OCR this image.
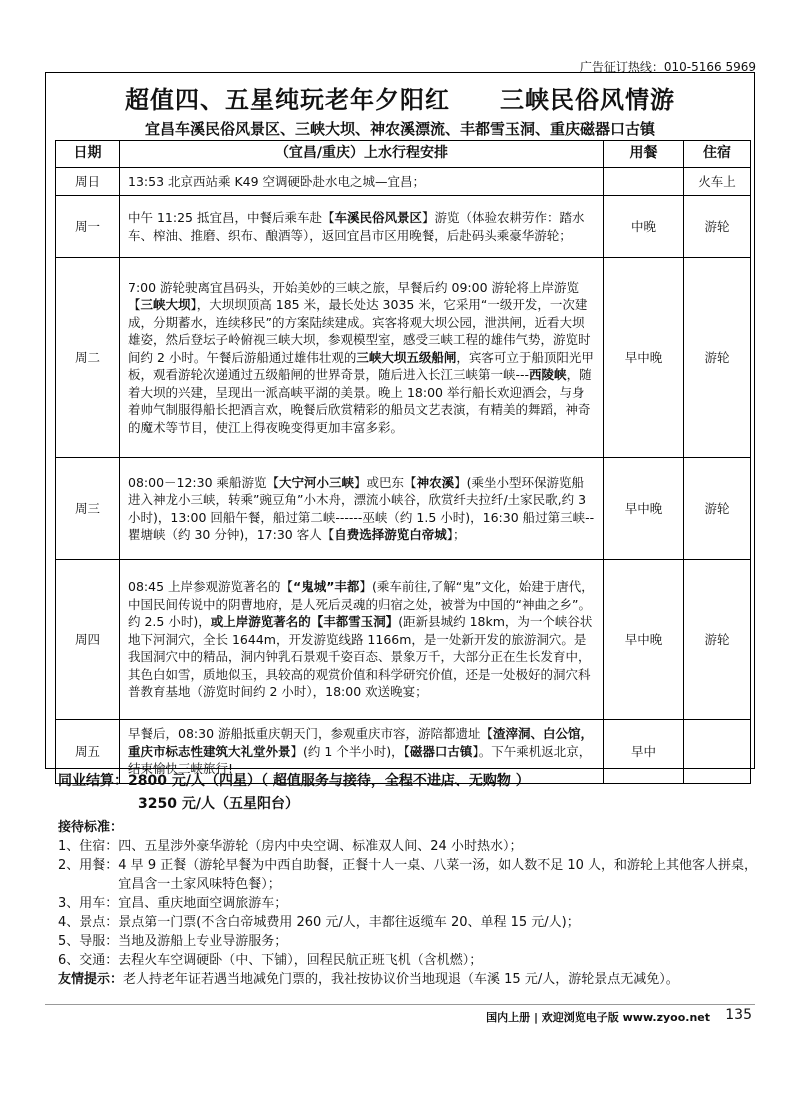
广告征订热线：010-5166 5969
超值四、五星纯玩老年夕阳红　　三峡民俗风情游
宜昌车溪民俗风景区、三峡大坝、神农溪漂流、丰都雪玉洞、重庆磁器口古镇
日期	（宜昌/重庆）上水行程安排	用餐	住宿
周日	13:53 北京西站乘 K49 空调硬卧赴水电之城—宜昌；		火车上
周一	中午 11:25 抵宜昌，中餐后乘车赴【车溪民俗风景区】游览（体验农耕劳作：踏水车、榨油、推磨、织布、酿酒等），返回宜昌市区用晚餐，后赴码头乘豪华游轮；	中晚	游轮
周二	7:00 游轮驶离宜昌码头，开始美妙的三峡之旅，早餐后约 09:00 游轮将上岸游览【三峡大坝】，大坝坝顶高 185 米，最长处达 3035 米，它采用“一级开发，一次建成，分期蓄水，连续移民”的方案陆续建成。宾客将观大坝公园，泄洪闸，近看大坝雄姿，然后登坛子岭俯视三峡大坝，参观模型室，感受三峡工程的雄伟气势，游览时间约 2 小时。午餐后游船通过雄伟壮观的三峡大坝五级船闸，宾客可立于船顶阳光甲板，观看游轮次递通过五级船闸的世界奇景，随后进入长江三峡第一峡---西陵峡，随着大坝的兴建，呈现出一派高峡平湖的美景。晚上 18:00 举行船长欢迎酒会，与身着帅气制服得船长把酒言欢，晚餐后欣赏精彩的船员文艺表演，有精美的舞蹈，神奇的魔术等节目，使江上得夜晚变得更加丰富多彩。	早中晚	游轮
周三	08:00－12:30 乘船游览【大宁河小三峡】或巴东【神农溪】(乘坐小型环保游览船进入神龙小三峡，转乘”豌豆角”小木舟，漂流小峡谷，欣赏纤夫拉纤/土家民歌,约 3 小时)，13:00 回船午餐，船过第二峡------巫峡（约 1.5 小时)，16:30 船过第三峡--瞿塘峡（约 30 分钟)，17:30 客人【自费选择游览白帝城】；	早中晚	游轮
周四	08:45 上岸参观游览著名的【“鬼城”丰都】(乘车前往,了解“鬼”文化，始建于唐代，中国民间传说中的阴曹地府，是人死后灵魂的归宿之处，被誉为中国的“神曲之乡”。 约 2.5 小时)，或上岸游览著名的【丰都雪玉洞】(距新县城约 18km，为一个峡谷状地下河洞穴，全长 1644m，开发游览线路 1166m，是一处新开发的旅游洞穴。是我国洞穴中的精品，洞内钟乳石景观千姿百态、景象万千，大部分正在生长发育中，其色白如雪，质地似玉，具较高的观赏价值和科学研究价值，还是一处极好的洞穴科普教育基地（游览时间约 2 小时），18:00 欢送晚宴；	早中晚	游轮
周五	早餐后，08:30 游船抵重庆朝天门，参观重庆市容，游陪都遗址【渣滓洞、白公馆，重庆市标志性建筑大礼堂外景】(约 1 个半小时)，【磁器口古镇】。下午乘机返北京，结束愉快三峡旅行!	早中	
同业结算：2800 元/人（四星）（ 超值服务与接待，全程不进店、无购物 ）
3250 元/人（五星阳台）
接待标准：
1、住宿： 四、五星涉外豪华游轮（房内中央空调、标准双人间、24 小时热水）；
2、用餐： 4 早 9 正餐（游轮早餐为中西自助餐，正餐十人一桌、八菜一汤，如人数不足 10 人，和游轮上其他客人拼桌，宜昌含一土家风味特色餐）；
3、用车： 宜昌、重庆地面空调旅游车；
4、景点： 景点第一门票(不含白帝城费用 260 元/人，丰都往返缆车 20、单程 15 元/人)；
5、导服： 当地及游船上专业导游服务；
6、交通： 去程火车空调硬卧（中、下铺），回程民航正班飞机（含机燃）；
友情提示：老人持老年证若遇当地减免门票的，我社按协议价当地现退（车溪 15 元/人，游轮景点无减免）。
国内上册 | 欢迎浏览电子版 www.zyoo.net 135
